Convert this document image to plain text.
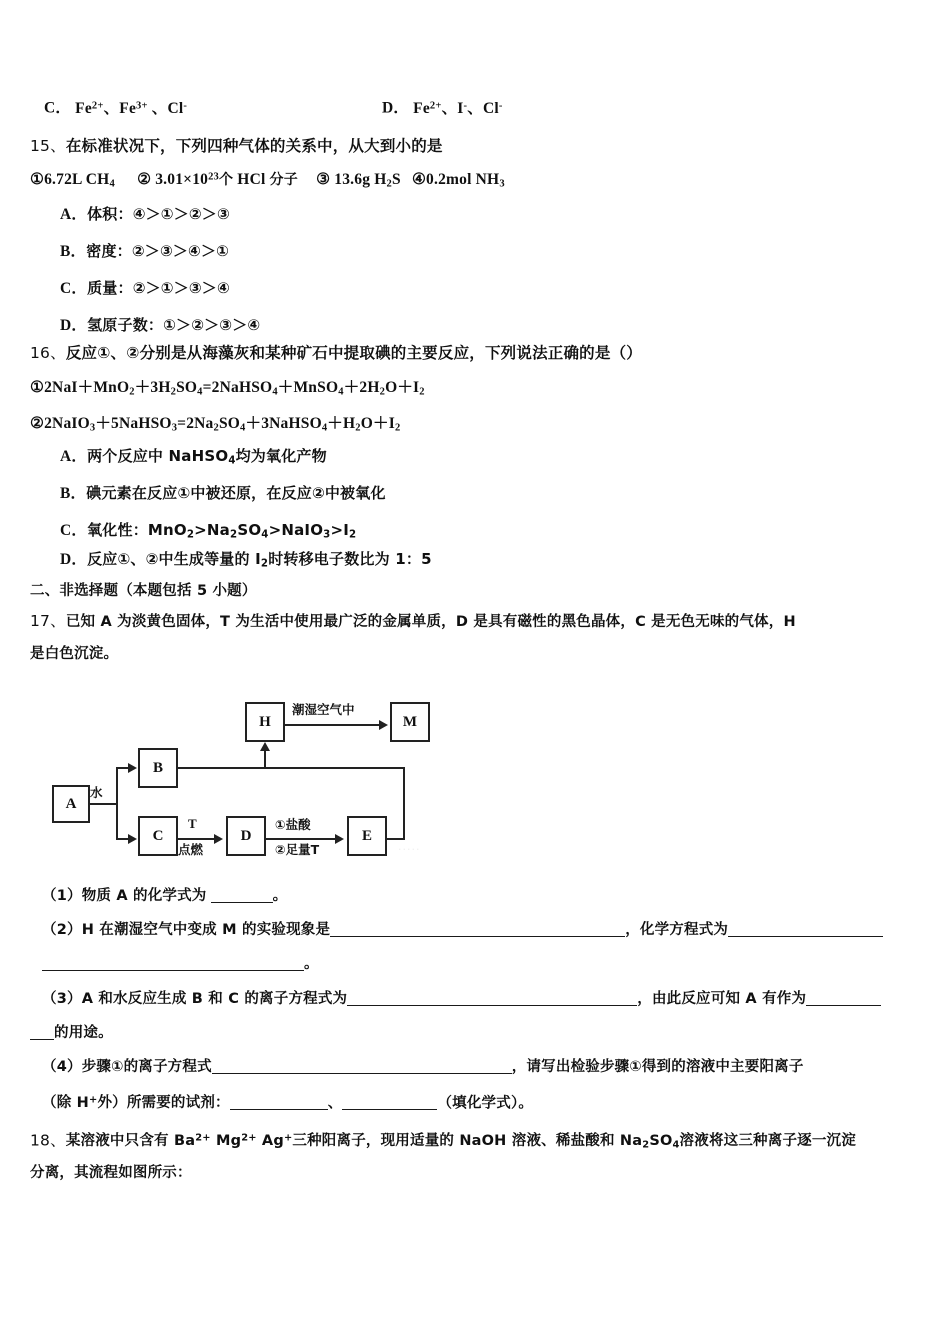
C． $Fe^{2+}$、$Fe^{3+}$ 、Cl-	D． $Fe^{2+}$、I-、Cl-
15、在标准状况下，下列四种气体的关系中，从大到小的是
①6.72L $CH_4$ ② $3.01\times 10^{23}$个 HCl 分子 ③ 13.6g $H_2S$ ④0.2mol $NH_3$
A．体积：④＞①＞②＞③
B．密度：②＞③＞④＞①
C．质量：②＞①＞③＞④
D．氢原子数：①＞②＞③＞④
16、反应①、②分别是从海藻灰和某种矿石中提取碘的主要反应，下列说法正确的是（）
$①2NaI+MnO_2+3H_2SO_4=2NaHSO_4+MnSO_4+2H_2O+I_2$
$②2NaIO_3+5NaHSO_3=2Na_2SO_4+3NaHSO_4+H_2O+I_2$
A．两个反应中 NaHSO$_4$均为氧化产物
B．碘元素在反应①中被还原，在反应②中被氧化
C．氧化性：$MnO_2>Na_2SO_4>NaIO_3>I_2$
D．反应①、②中生成等量的 $I_2$时转移电子数比为 1：5
二、非选择题（本题包括 5 小题）
17、已知 A 为淡黄色固体，T 为生活中使用最广泛的金属单质，D 是具有磁性的黑色晶体，C 是无色无味的气体，H
是白色沉淀。
A
B
C	D	E
H	M
水
T
点燃
①盐酸
②足量T
潮湿空气中
·····
（1）物质 A 的化学式为	。
（2）H 在潮湿空气中变成 M 的实验现象是	，化学方程式为
。
（3）A 和水反应生成 B 和 C 的离子方程式为	，由此反应可知 A 有作为
的用途。
（4）步骤①的离子方程式	，请写出检验步骤①得到的溶液中主要阳离子
（除 H+外）所需要的试剂：	、	（填化学式）。
18、某溶液中只含有 $Ba^{2+}$ $Mg^{2+}$ Ag+三种阳离子，现用适量的 NaOH 溶液、稀盐酸和 $Na_2SO_4$溶液将这三种离子逐一沉淀
分离，其流程如图所示：
